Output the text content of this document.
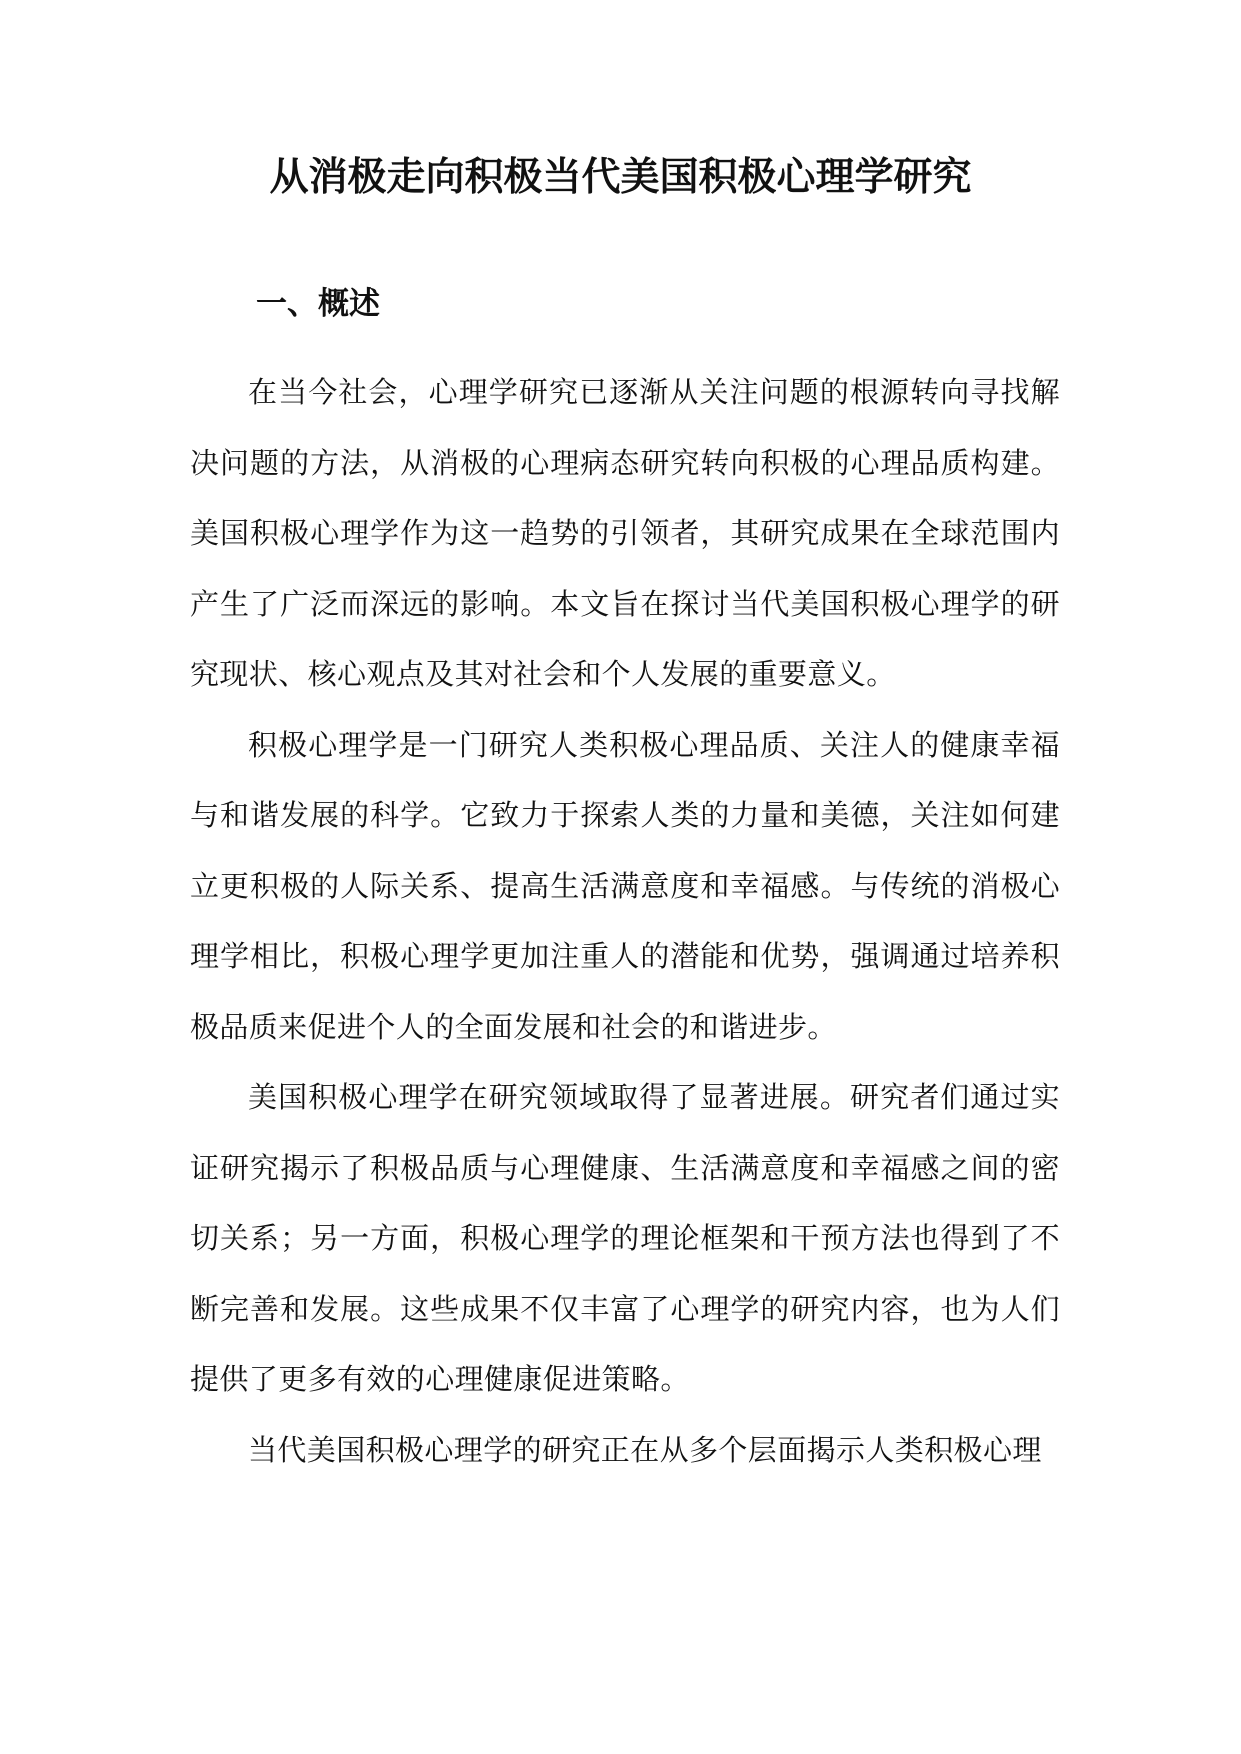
从消极走向积极当代美国积极心理学研究
一、概述

在当今社会，心理学研究已逐渐从关注问题的根源转向寻找解决问题的方法，从消极的心理病态研究转向积极的心理品质构建。美国积极心理学作为这一趋势的引领者，其研究成果在全球范围内产生了广泛而深远的影响。本文旨在探讨当代美国积极心理学的研究现状、核心观点及其对社会和个人发展的重要意义。

积极心理学是一门研究人类积极心理品质、关注人的健康幸福与和谐发展的科学。它致力于探索人类的力量和美德，关注如何建立更积极的人际关系、提高生活满意度和幸福感。与传统的消极心理学相比，积极心理学更加注重人的潜能和优势，强调通过培养积极品质来促进个人的全面发展和社会的和谐进步。

美国积极心理学在研究领域取得了显著进展。研究者们通过实证研究揭示了积极品质与心理健康、生活满意度和幸福感之间的密切关系；另一方面，积极心理学的理论框架和干预方法也得到了不断完善和发展。这些成果不仅丰富了心理学的研究内容，也为人们提供了更多有效的心理健康促进策略。

当代美国积极心理学的研究正在从多个层面揭示人类积极心理
